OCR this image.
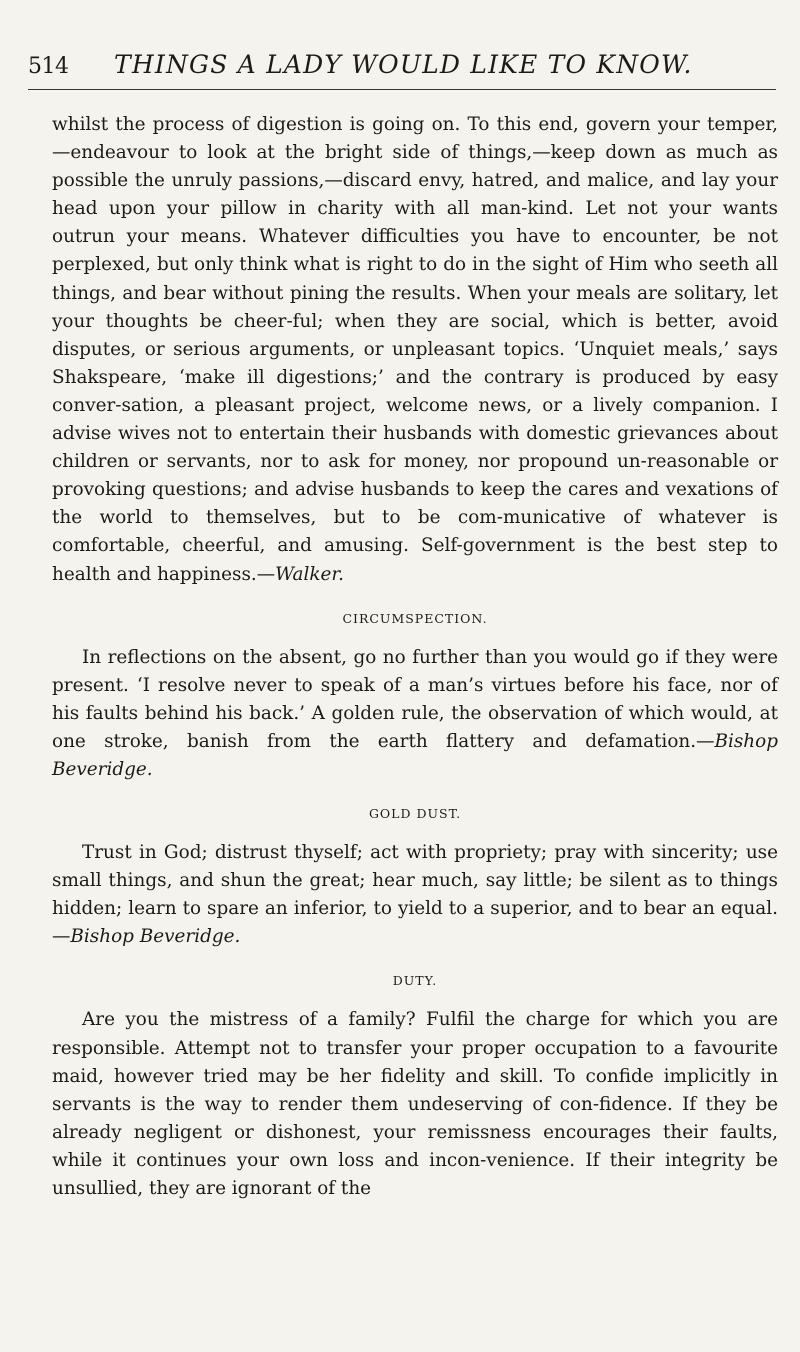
514 THINGS A LADY WOULD LIKE TO KNOW.

whilst the process of digestion is going on. To this end, govern your temper,—endeavour to look at the bright side of things,—keep down as much as possible the unruly passions,—discard envy, hatred, and malice, and lay your head upon your pillow in charity with all man-kind. Let not your wants outrun your means. Whatever difficulties you have to encounter, be not perplexed, but only think what is right to do in the sight of Him who seeth all things, and bear without pining the results. When your meals are solitary, let your thoughts be cheer-ful; when they are social, which is better, avoid disputes, or serious arguments, or unpleasant topics. ‘Unquiet meals,’ says Shakspeare, ‘make ill digestions;’ and the contrary is produced by easy conver-sation, a pleasant project, welcome news, or a lively companion. I advise wives not to entertain their husbands with domestic grievances about children or servants, nor to ask for money, nor propound un-reasonable or provoking questions; and advise husbands to keep the cares and vexations of the world to themselves, but to be com-municative of whatever is comfortable, cheerful, and amusing. Self-government is the best step to health and happiness.—Walker.

CIRCUMSPECTION.

In reflections on the absent, go no further than you would go if they were present. ‘I resolve never to speak of a man’s virtues before his face, nor of his faults behind his back.’ A golden rule, the observation of which would, at one stroke, banish from the earth flattery and defamation.—Bishop Beveridge.

GOLD DUST.

Trust in God; distrust thyself; act with propriety; pray with sincerity; use small things, and shun the great; hear much, say little; be silent as to things hidden; learn to spare an inferior, to yield to a superior, and to bear an equal.—Bishop Beveridge.

DUTY.

Are you the mistress of a family? Fulfil the charge for which you are responsible. Attempt not to transfer your proper occupation to a favourite maid, however tried may be her fidelity and skill. To confide implicitly in servants is the way to render them undeserving of con-fidence. If they be already negligent or dishonest, your remissness encourages their faults, while it continues your own loss and incon-venience. If their integrity be unsullied, they are ignorant of the
